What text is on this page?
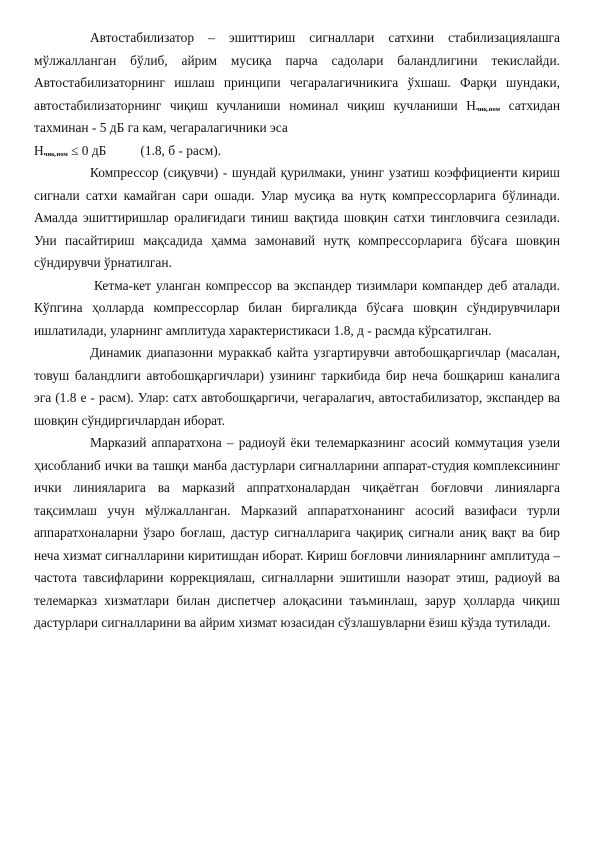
Автостабилизатор – эшиттириш сигналлари сатхини стабилизациялашга мўлжалланган бўлиб, айрим мусиқа парча садолари баландлигини текислайди. Автостабилизаторнинг ишлаш принципи чегаралагичникига ўхшаш. Фарқи шундаки, автостабилизаторнинг чиқиш кучланиши номинал чиқиш кучланиши $Н_{чиқ.ном}$ сатхидан тахминан - 5 дБ га кам, чегаралагичники эса

$Н_{чиқ.ном} \le 0$ дБ	(1.8, б - расм).

Компрессор (сиқувчи) - шундай қурилмаки, унинг узатиш коэффициенти кириш сигнали сатхи камайган сари ошади. Улар мусиқа ва нутқ компрессорларига бўлинади. Амалда эшиттиришлар оралиғидаги тиниш вақтида шовқин сатхи тингловчига сезилади. Уни пасайтириш мақсадида ҳамма замонавий нутқ компрессорларига бўсаға шовқин сўндирувчи ўрнатилган.

Кетма-кет уланган компрессор ва экспандер тизимлари компандер деб аталади. Кўпгина ҳолларда компрессорлар билан биргаликда бўсаға шовқин сўндирувчилари ишлатилади, уларнинг амплитуда характеристикаси 1.8, д - расмда кўрсатилган.

Динамик диапазонни мураккаб кайта узгартирувчи автобошқаргичлар (масалан, товуш баландлиги автобошқаргичлари) узининг таркибида бир неча бошқариш каналига эга (1.8 е - расм). Улар: сатх автобошқаргичи, чегаралагич, автостабилизатор, экспандер ва шовқин сўндиргичлардан иборат.

Марказий аппаратхона – радиоуй ёки телемарказнинг асосий коммутация узели ҳисобланиб ички ва ташқи манба дастурлари сигналларини аппарат-студия комплексининг ички линияларига ва марказий аппратхоналардан чиқаётган боғловчи линияларга тақсимлаш учун мўлжалланган. Марказий аппаратхонанинг асосий вазифаси турли аппаратхоналарни ўзаро боғлаш, дастур сигналларига чақириқ сигнали аниқ вақт ва бир неча хизмат сигналларини киритишдан иборат. Кириш боғловчи линияларнинг амплитуда – частота тавсифларини коррекциялаш, сигналларни эшитишли назорат этиш, радиоуй ва телемарказ хизматлари билан диспетчер алоқасини таъминлаш, зарур ҳолларда чиқиш дастурлари сигналларини ва айрим хизмат юзасидан сўзлашувларни ёзиш кўзда тутилади.
